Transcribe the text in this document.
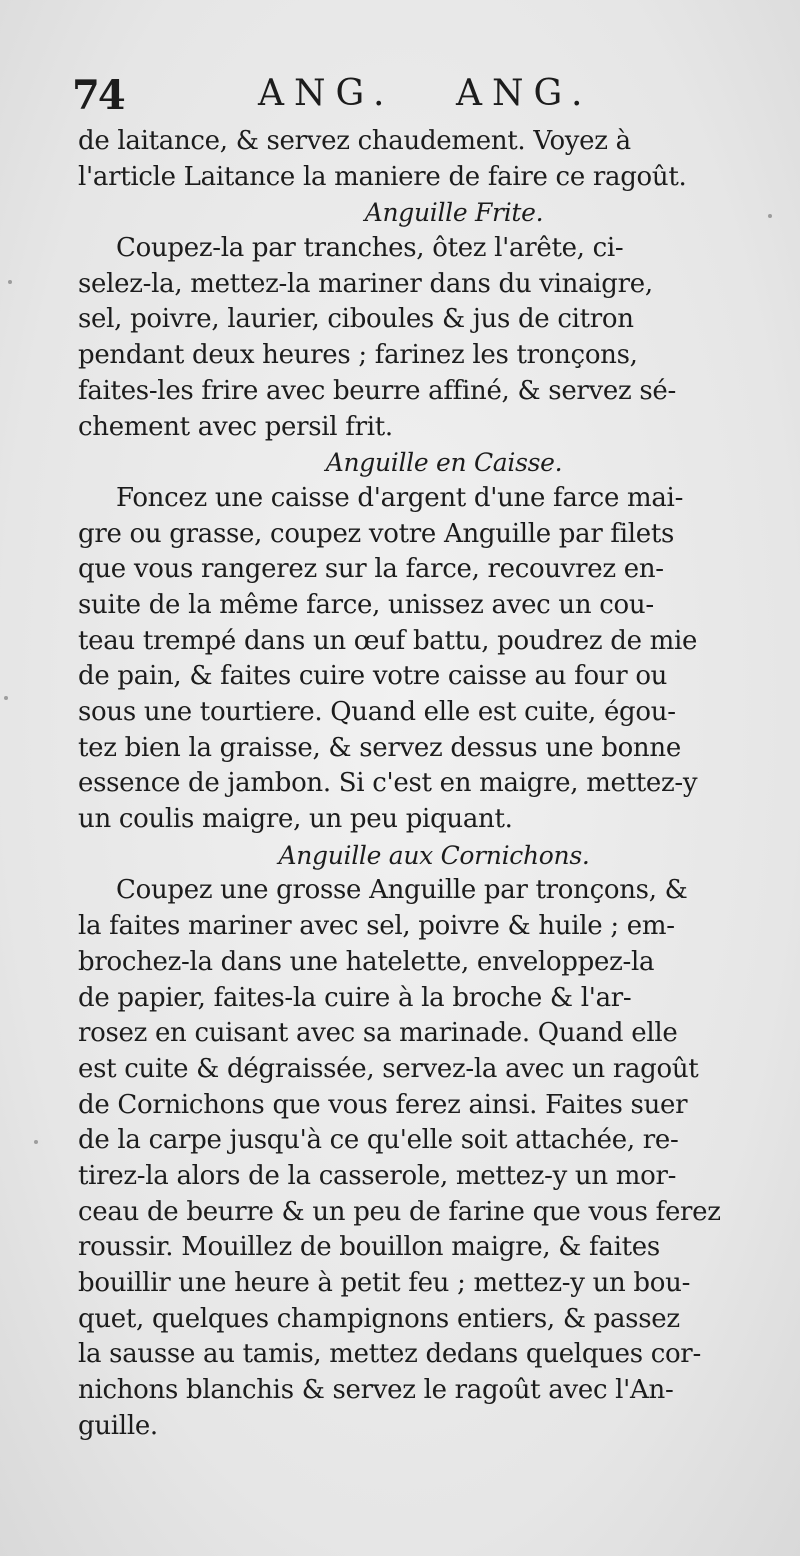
74	ANG. ANG.
de laitance, & servez chaudement. Voyez à
l'article Laitance la maniere de faire ce ragoût.
Anguille Frite.
Coupez-la par tranches, ôtez l'arête, ci-
selez-la, mettez-la mariner dans du vinaigre,
sel, poivre, laurier, ciboules & jus de citron
pendant deux heures ; farinez les tronçons,
faites-les frire avec beurre affiné, & servez sé-
chement avec persil frit.
Anguille en Caisse.
Foncez une caisse d'argent d'une farce mai-
gre ou grasse, coupez votre Anguille par filets
que vous rangerez sur la farce, recouvrez en-
suite de la même farce, unissez avec un cou-
teau trempé dans un œuf battu, poudrez de mie
de pain, & faites cuire votre caisse au four ou
sous une tourtiere. Quand elle est cuite, égou-
tez bien la graisse, & servez dessus une bonne
essence de jambon. Si c'est en maigre, mettez-y
un coulis maigre, un peu piquant.
Anguille aux Cornichons.
Coupez une grosse Anguille par tronçons, &
la faites mariner avec sel, poivre & huile ; em-
brochez-la dans une hatelette, enveloppez-la
de papier, faites-la cuire à la broche & l'ar-
rosez en cuisant avec sa marinade. Quand elle
est cuite & dégraissée, servez-la avec un ragoût
de Cornichons que vous ferez ainsi. Faites suer
de la carpe jusqu'à ce qu'elle soit attachée, re-
tirez-la alors de la casserole, mettez-y un mor-
ceau de beurre & un peu de farine que vous ferez
roussir. Mouillez de bouillon maigre, & faites
bouillir une heure à petit feu ; mettez-y un bou-
quet, quelques champignons entiers, & passez
la sausse au tamis, mettez dedans quelques cor-
nichons blanchis & servez le ragoût avec l'An-
guille.
